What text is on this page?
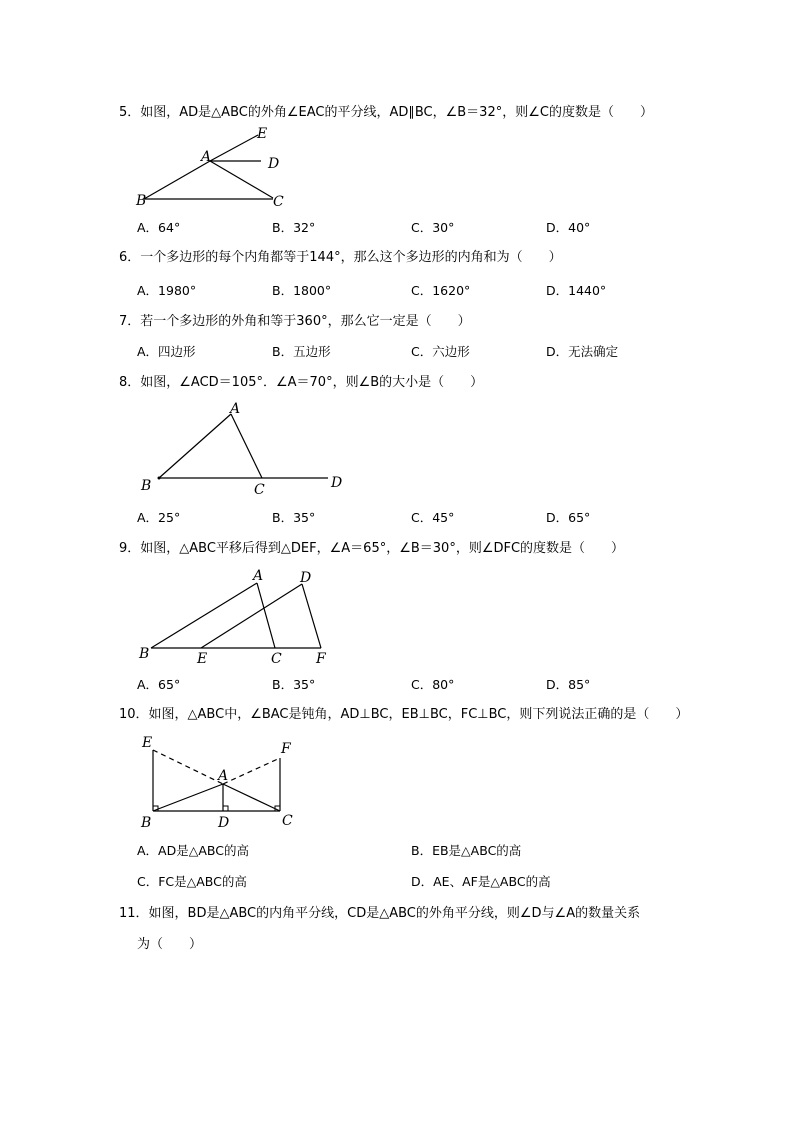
5．如图，AD是△ABC的外角∠EAC的平分线，AD∥BC，∠B＝32°，则∠C的度数是（　　）
E
A	D
B	C
A．64°	B．32°	C．30°	D．40°
6．一个多边形的每个内角都等于144°，那么这个多边形的内角和为（　　）
A．1980°	B．1800°	C．1620°	D．1440°
7．若一个多边形的外角和等于360°，那么它一定是（　　）
A．四边形	B．五边形	C．六边形	D．无法确定
8．如图，∠ACD＝105°．∠A＝70°，则∠B的大小是（　　）
A
B	C	D
A．25°	B．35°	C．45°	D．65°
9．如图，△ABC平移后得到△DEF，∠A＝65°，∠B＝30°，则∠DFC的度数是（　　）
A	D
B	E	C F
A．65°	B．35°	C．80°	D．85°
10．如图，△ABC中，∠BAC是钝角，AD⊥BC，EB⊥BC，FC⊥BC，则下列说法正确的是（　　）
E	F
A
B	D	C
A．AD是△ABC的高	B．EB是△ABC的高
C．FC是△ABC的高	D．AE、AF是△ABC的高
11．如图，BD是△ABC的内角平分线，CD是△ABC的外角平分线，则∠D与∠A的数量关系
为（　　）
